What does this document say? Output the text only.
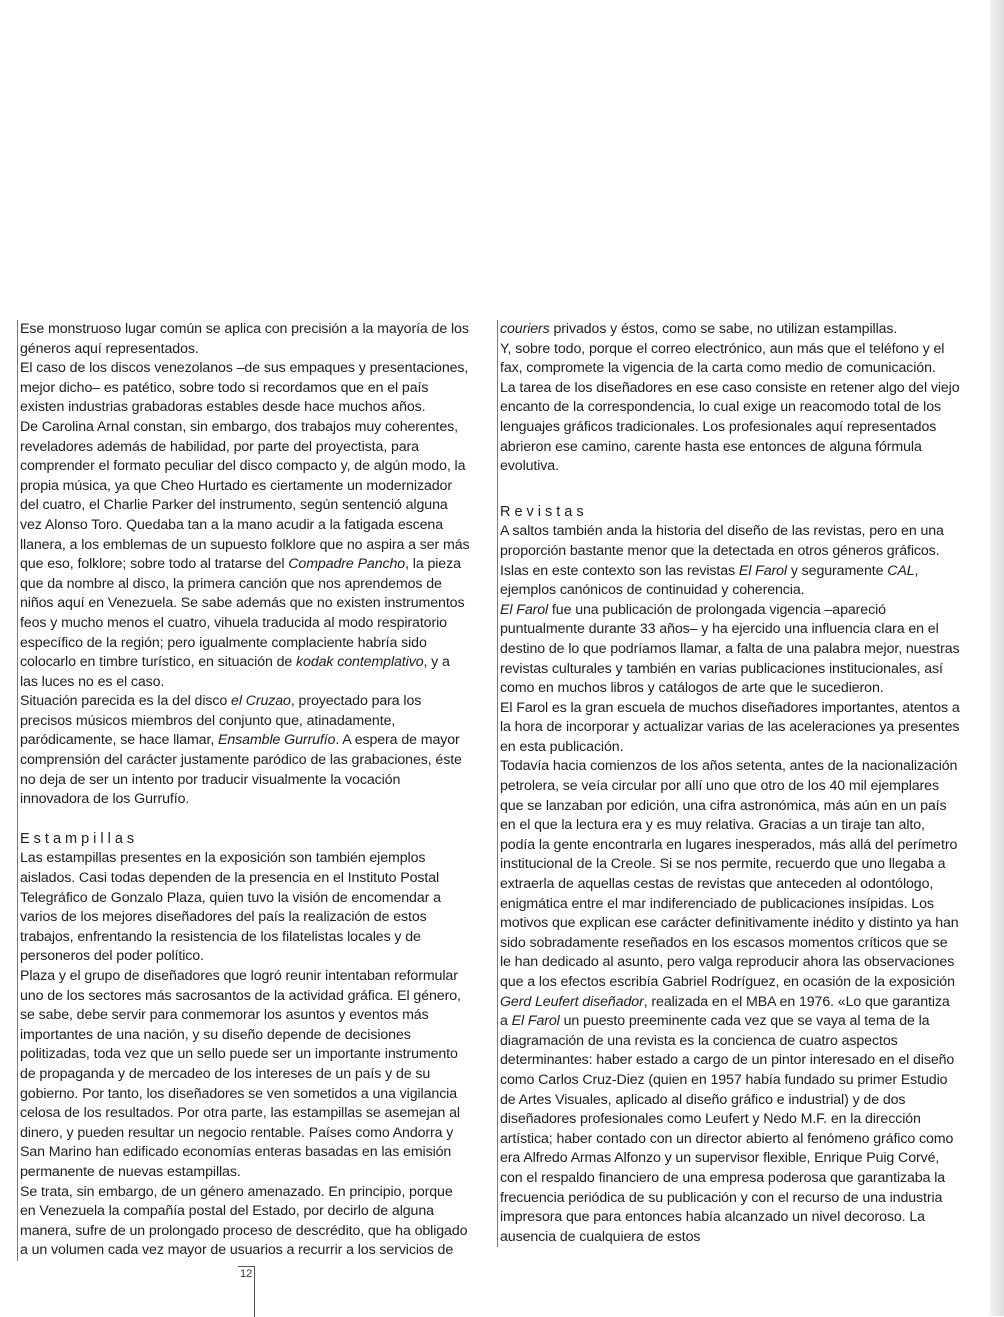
Ese monstruoso lugar común se aplica con precisión a la mayoría de los géneros aquí representados.

El caso de los discos venezolanos –de sus empaques y presentaciones, mejor dicho– es patético, sobre todo si recordamos que en el país existen industrias grabadoras estables desde hace muchos años.

De Carolina Arnal constan, sin embargo, dos trabajos muy coherentes, reveladores además de habilidad, por parte del proyectista, para comprender el formato peculiar del disco compacto y, de algún modo, la propia música, ya que Cheo Hurtado es ciertamente un modernizador del cuatro, el Charlie Parker del instrumento, según sentenció alguna vez Alonso Toro. Quedaba tan a la mano acudir a la fatigada escena llanera, a los emblemas de un supuesto folklore que no aspira a ser más que eso, folklore; sobre todo al tratarse del Compadre Pancho, la pieza que da nombre al disco, la primera canción que nos aprendemos de niños aquí en Venezuela. Se sabe además que no existen instrumentos feos y mucho menos el cuatro, vihuela traducida al modo respiratorio específico de la región; pero igualmente complaciente habría sido colocarlo en timbre turístico, en situación de kodak contemplativo, y a las luces no es el caso.

Situación parecida es la del disco el Cruzao, proyectado para los precisos músicos miembros del conjunto que, atinadamente, paródicamente, se hace llamar, Ensamble Gurrufío. A espera de mayor comprensión del carácter justamente paródico de las grabaciones, éste no deja de ser un intento por traducir visualmente la vocación innovadora de los Gurrufío.

Estampillas

Las estampillas presentes en la exposición son también ejemplos aislados. Casi todas dependen de la presencia en el Instituto Postal Telegráfico de Gonzalo Plaza, quien tuvo la visión de encomendar a varios de los mejores diseñadores del país la realización de estos trabajos, enfrentando la resistencia de los filatelistas locales y de personeros del poder político.

Plaza y el grupo de diseñadores que logró reunir intentaban reformular uno de los sectores más sacrosantos de la actividad gráfica. El género, se sabe, debe servir para conmemorar los asuntos y eventos más importantes de una nación, y su diseño depende de decisiones politizadas, toda vez que un sello puede ser un importante instrumento de propaganda y de mercadeo de los intereses de un país y de su gobierno. Por tanto, los diseñadores se ven sometidos a una vigilancia celosa de los resultados. Por otra parte, las estampillas se asemejan al dinero, y pueden resultar un negocio rentable. Países como Andorra y San Marino han edificado economías enteras basadas en las emisión permanente de nuevas estampillas.

Se trata, sin embargo, de un género amenazado. En principio, porque en Venezuela la compañía postal del Estado, por decirlo de alguna manera, sufre de un prolongado proceso de descrédito, que ha obligado a un volumen cada vez mayor de usuarios a recurrir a los servicios de

couriers privados y éstos, como se sabe, no utilizan estampillas.

Y, sobre todo, porque el correo electrónico, aun más que el teléfono y el fax, compromete la vigencia de la carta como medio de comunicación.

La tarea de los diseñadores en ese caso consiste en retener algo del viejo encanto de la correspondencia, lo cual exige un reacomodo total de los lenguajes gráficos tradicionales. Los profesionales aquí representados abrieron ese camino, carente hasta ese entonces de alguna fórmula evolutiva.

Revistas

A saltos también anda la historia del diseño de las revistas, pero en una proporción bastante menor que la detectada en otros géneros gráficos. Islas en este contexto son las revistas El Farol y seguramente CAL, ejemplos canónicos de continuidad y coherencia.

El Farol fue una publicación de prolongada vigencia –apareció puntualmente durante 33 años– y ha ejercido una influencia clara en el destino de lo que podríamos llamar, a falta de una palabra mejor, nuestras revistas culturales y también en varias publicaciones institucionales, así como en muchos libros y catálogos de arte que le sucedieron.

El Farol es la gran escuela de muchos diseñadores importantes, atentos a la hora de incorporar y actualizar varias de las aceleraciones ya presentes en esta publicación.

Todavía hacia comienzos de los años setenta, antes de la nacionalización petrolera, se veía circular por allí uno que otro de los 40 mil ejemplares que se lanzaban por edición, una cifra astronómica, más aún en un país en el que la lectura era y es muy relativa. Gracias a un tiraje tan alto, podía la gente encontrarla en lugares inesperados, más allá del perímetro institucional de la Creole. Si se nos permite, recuerdo que uno llegaba a extraerla de aquellas cestas de revistas que anteceden al odontólogo, enigmática entre el mar indiferenciado de publicaciones insípidas. Los motivos que explican ese carácter definitivamente inédito y distinto ya han sido sobradamente reseñados en los escasos momentos críticos que se le han dedicado al asunto, pero valga reproducir ahora las observaciones que a los efectos escribía Gabriel Rodríguez, en ocasión de la exposición Gerd Leufert diseñador, realizada en el MBA en 1976. «Lo que garantiza a El Farol un puesto preeminente cada vez que se vaya al tema de la diagramación de una revista es la concienca de cuatro aspectos determinantes: haber estado a cargo de un pintor interesado en el diseño como Carlos Cruz-Diez (quien en 1957 había fundado su primer Estudio de Artes Visuales, aplicado al diseño gráfico e industrial) y de dos diseñadores profesionales como Leufert y Nedo M.F. en la dirección artística; haber contado con un director abierto al fenómeno gráfico como era Alfredo Armas Alfonzo y un supervisor flexible, Enrique Puig Corvé, con el respaldo financiero de una empresa poderosa que garantizaba la frecuencia periódica de su publicación y con el recurso de una industria impresora que para entonces había alcanzado un nivel decoroso. La ausencia de cualquiera de estos

12
